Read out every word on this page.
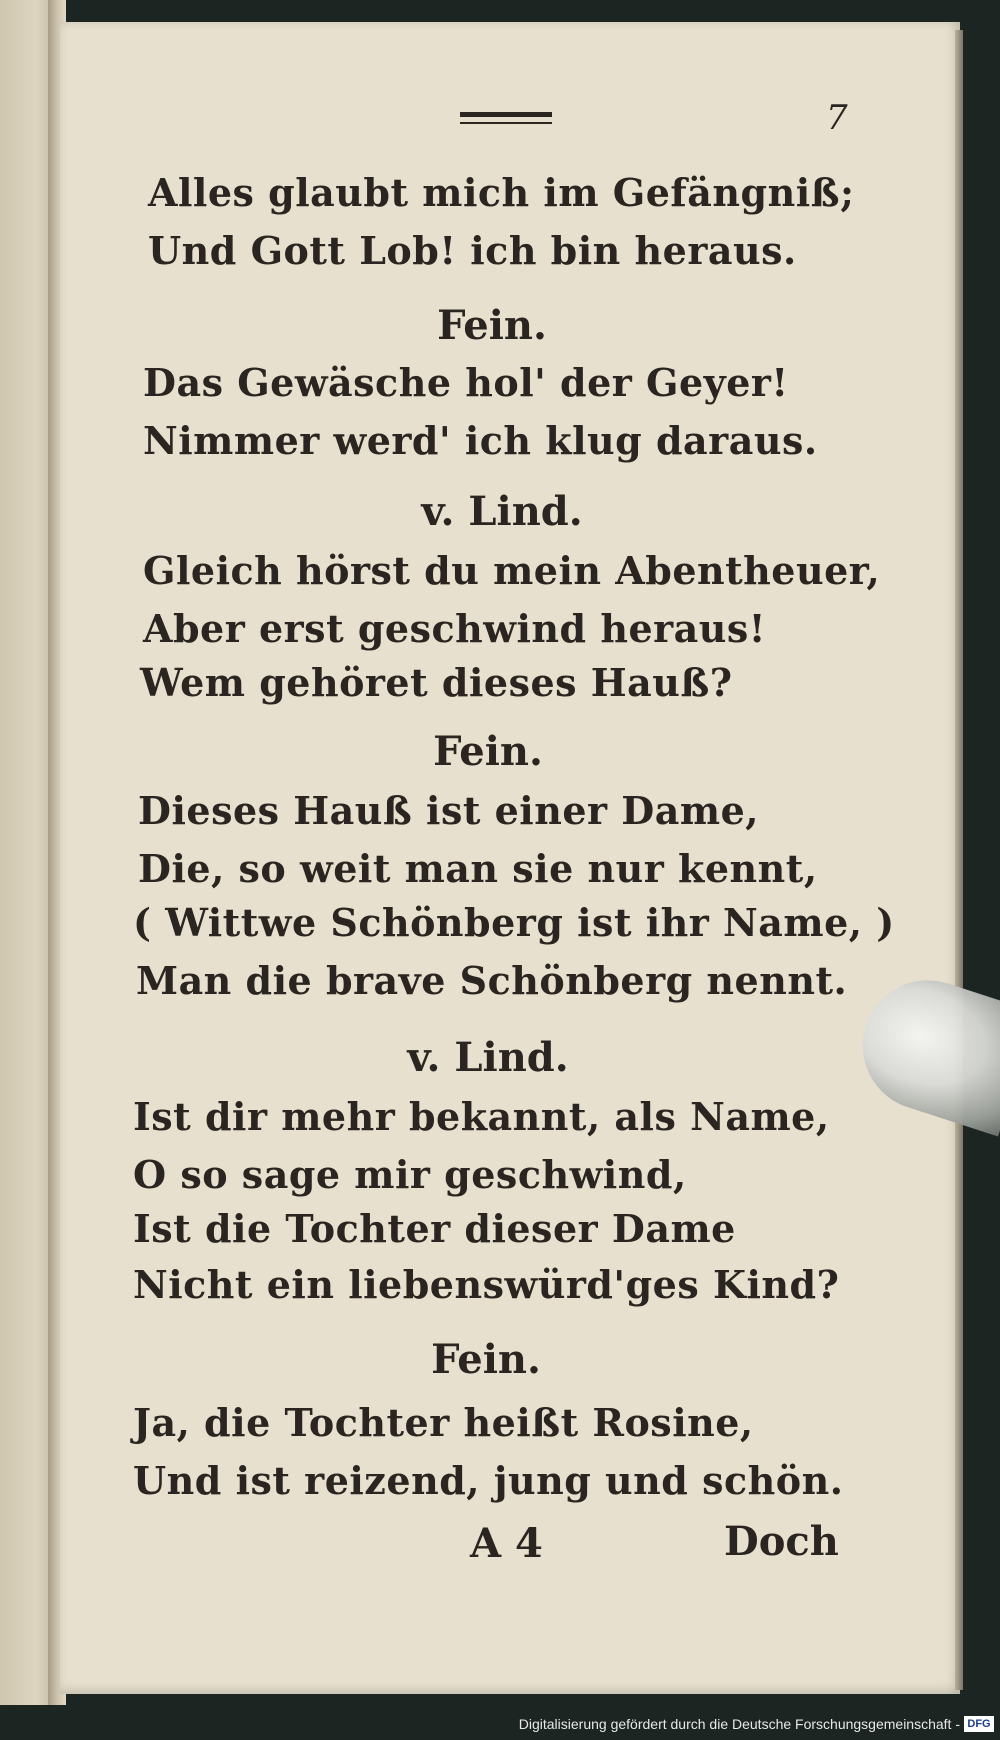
7
Alles glaubt mich im Gefängniß;
Und Gott Lob! ich bin heraus.
Fein.
Das Gewäsche hol' der Geyer!
Nimmer werd' ich klug daraus.
v. Lind.
Gleich hörst du mein Abentheuer,
Aber erst geschwind heraus!
Wem gehöret dieses Hauß?
Fein.
Dieses Hauß ist einer Dame,
Die, so weit man sie nur kennt,
( Wittwe Schönberg ist ihr Name, )
Man die brave Schönberg nennt.
v. Lind.
Ist dir mehr bekannt, als Name,
O so sage mir geschwind,
Ist die Tochter dieser Dame
Nicht ein liebenswürd'ges Kind?
Fein.
Ja, die Tochter heißt Rosine,
Und ist reizend, jung und schön.
A 4	Doch
Digitalisierung gefördert durch die Deutsche Forschungsgemeinschaft - DFG
